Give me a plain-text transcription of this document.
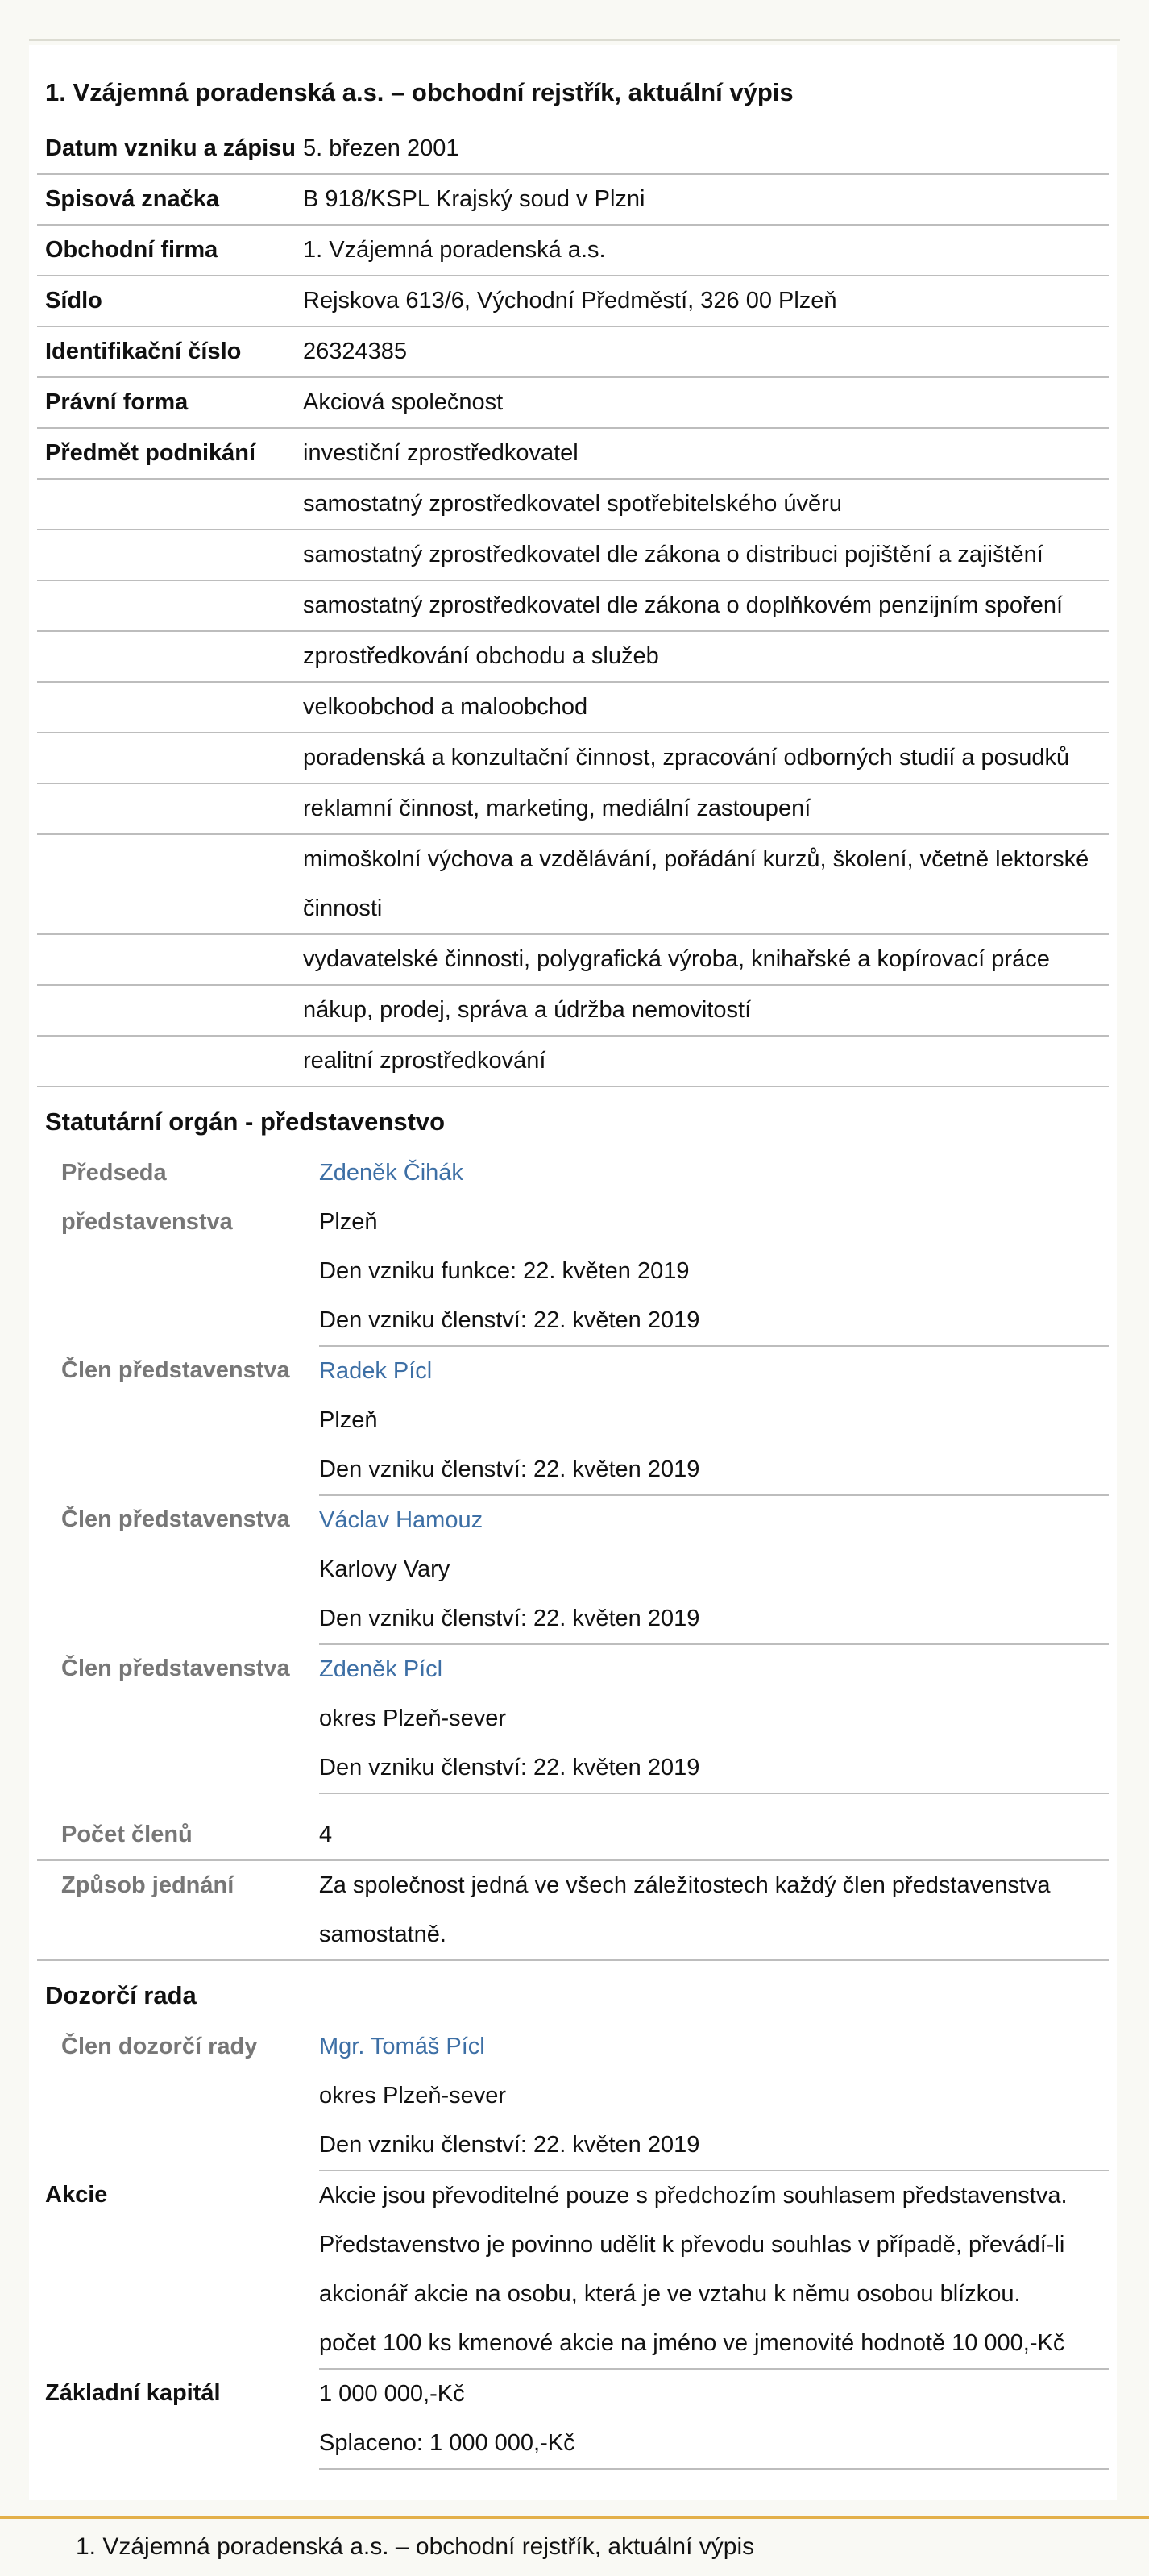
1. Vzájemná poradenská a.s. – obchodní rejstřík, aktuální výpis
Datum vzniku a zápisu	5. březen 2001
Spisová značka	B 918/KSPL Krajský soud v Plzni
Obchodní firma	1. Vzájemná poradenská a.s.
Sídlo	Rejskova 613/6, Východní Předměstí, 326 00 Plzeň
Identifikační číslo	26324385
Právní forma	Akciová společnost
Předmět podnikání	investiční zprostředkovatel
	samostatný zprostředkovatel spotřebitelského úvěru
	samostatný zprostředkovatel dle zákona o distribuci pojištění a zajištění
	samostatný zprostředkovatel dle zákona o doplňkovém penzijním spoření
	zprostředkování obchodu a služeb
	velkoobchod a maloobchod
	poradenská a konzultační činnost, zpracování odborných studií a posudků
	reklamní činnost, marketing, mediální zastoupení
	mimoškolní výchova a vzdělávání, pořádání kurzů, školení, včetně lektorské činnosti
	vydavatelské činnosti, polygrafická výroba, knihařské a kopírovací práce
	nákup, prodej, správa a údržba nemovitostí
	realitní zprostředkování
Statutární orgán - představenstvo
Předseda představenstva	Zdeněk Čihák
	Plzeň
	Den vzniku funkce: 22. květen 2019
	Den vzniku členství: 22. květen 2019
Člen představenstva	Radek Pícl
	Plzeň
	Den vzniku členství: 22. květen 2019
Člen představenstva	Václav Hamouz
	Karlovy Vary
	Den vzniku členství: 22. květen 2019
Člen představenstva	Zdeněk Pícl
	okres Plzeň-sever
	Den vzniku členství: 22. květen 2019

Počet členů	4
Způsob jednání	Za společnost jedná ve všech záležitostech každý člen představenstva samostatně.
Dozorčí rada
Člen dozorčí rady	Mgr. Tomáš Pícl
	okres Plzeň-sever
	Den vzniku členství: 22. květen 2019
Akcie	Akcie jsou převoditelné pouze s předchozím souhlasem představenstva. Představenstvo je povinno udělit k převodu souhlas v případě, převádí-li akcionář akcie na osobu, která je ve vztahu k němu osobou blízkou.
	počet 100 ks kmenové akcie na jméno ve jmenovité hodnotě 10 000,-Kč
Základní kapitál	1 000 000,-Kč
	Splaceno: 1 000 000,-Kč
1. Vzájemná poradenská a.s. – obchodní rejstřík, aktuální výpis
